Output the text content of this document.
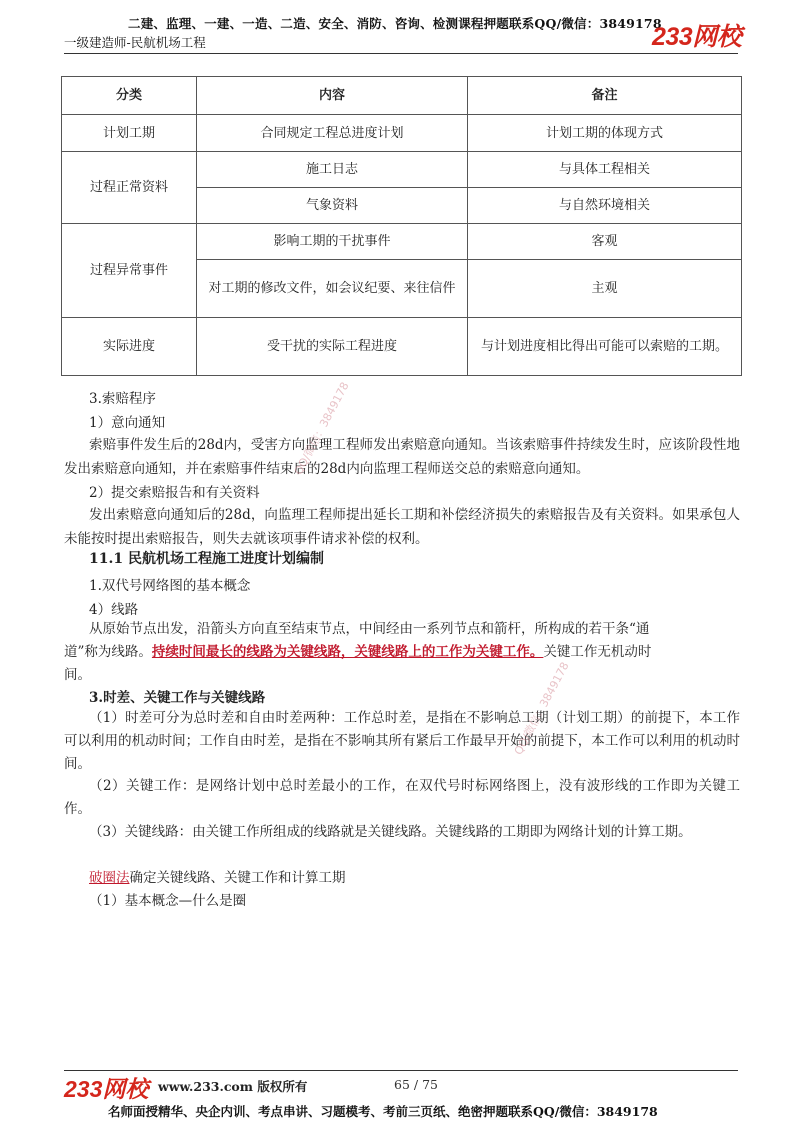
二建、监理、一建、一造、二造、安全、消防、咨询、检测课程押题联系QQ/微信：3849178
一级建造师-民航机场工程	233网校
分类	内容	备注
计划工期	合同规定工程总进度计划	计划工期的体现方式
过程正常资料	施工日志	与具体工程相关
	气象资料	与自然环境相关
过程异常事件	影响工期的干扰事件	客观
	对工期的修改文件，如会议纪要、来往信件	主观
实际进度	受干扰的实际工程进度	与计划进度相比得出可能可以索赔的工期。
3.索赔程序
1）意向通知
索赔事件发生后的28d内，受害方向监理工程师发出索赔意向通知。当该索赔事件持续发生时，应该阶段性地发出索赔意向通知，并在索赔事件结束后的28d内向监理工程师送交总的索赔意向通知。
2）提交索赔报告和有关资料
发出索赔意向通知后的28d，向监理工程师提出延长工期和补偿经济损失的索赔报告及有关资料。如果承包人未能按时提出索赔报告，则失去就该项事件请求补偿的权利。
11.1 民航机场工程施工进度计划编制
1.双代号网络图的基本概念
4）线路
从原始节点出发，沿箭头方向直至结束节点，中间经由一系列节点和箭杆，所构成的若干条“通
道”称为线路。持续时间最长的线路为关键线路，关键线路上的工作为关键工作。关键工作无机动时
间。
3.时差、关键工作与关键线路
（1）时差可分为总时差和自由时差两种：工作总时差，是指在不影响总工期（计划工期）的前提下，本工作可以利用的机动时间；工作自由时差，是指在不影响其所有紧后工作最早开始的前提下，本工作可以利用的机动时间。
（2）关键工作：是网络计划中总时差最小的工作，在双代号时标网络图上，没有波形线的工作即为关键工作。
（3）关键线路：由关键工作所组成的线路就是关键线路。关键线路的工期即为网络计划的计算工期。
破圈法确定关键线路、关键工作和计算工期
（1）基本概念—什么是圈
QQ/微信：3849178
QQ/微信：3849178
233网校 www.233.com 版权所有	65 / 75
名师面授精华、央企内训、考点串讲、习题模考、考前三页纸、绝密押题联系QQ/微信：3849178
